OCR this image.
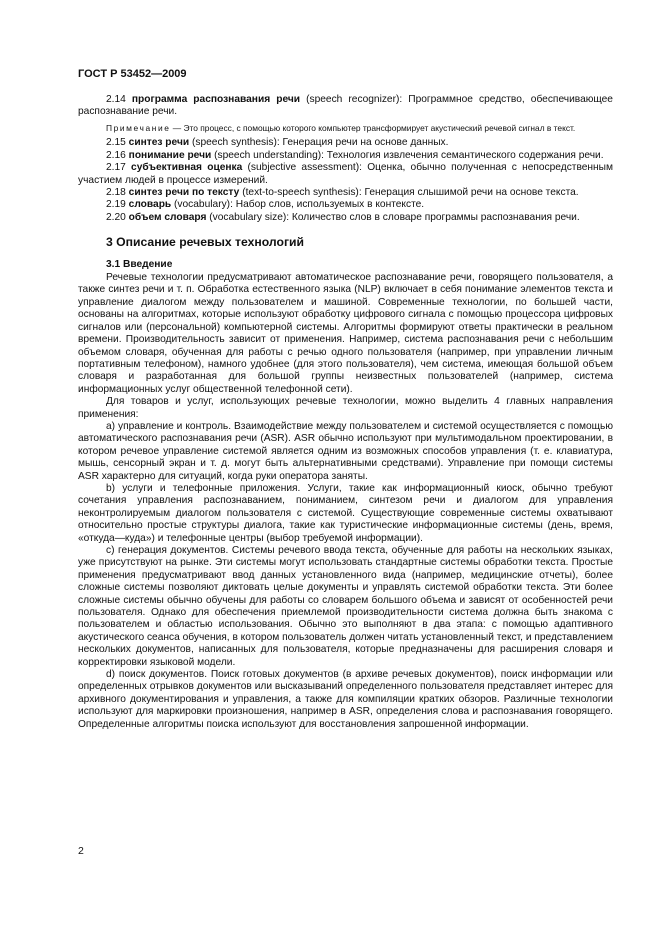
ГОСТ Р 53452—2009

2.14 программа распознавания речи (speech recognizer): Программное средство, обеспечивающее распознавание речи.

Примечание — Это процесс, с помощью которого компьютер трансформирует акустический речевой сигнал в текст.

2.15 синтез речи (speech synthesis): Генерация речи на основе данных.

2.16 понимание речи (speech understanding): Технология извлечения семантического содержания речи.

2.17 субъективная оценка (subjective assessment): Оценка, обычно полученная с непосредственным участием людей в процессе измерений.

2.18 синтез речи по тексту (text-to-speech synthesis): Генерация слышимой речи на основе текста.

2.19 словарь (vocabulary): Набор слов, используемых в контексте.

2.20 объем словаря (vocabulary size): Количество слов в словаре программы распознавания речи.

3 Описание речевых технологий
3.1 Введение

Речевые технологии предусматривают автоматическое распознавание речи, говорящего пользователя, а также синтез речи и т. п. Обработка естественного языка (NLP) включает в себя понимание элементов текста и управление диалогом между пользователем и машиной. Современные технологии, по большей части, основаны на алгоритмах, которые используют обработку цифрового сигнала с помощью процессора цифровых сигналов или (персональной) компьютерной системы. Алгоритмы формируют ответы практически в реальном времени. Производительность зависит от применения. Например, система распознавания речи с небольшим объемом словаря, обученная для работы с речью одного пользователя (например, при управлении личным портативным телефоном), намного удобнее (для этого пользователя), чем система, имеющая большой объем словаря и разработанная для большой группы неизвестных пользователей (например, система информационных услуг общественной телефонной сети).

Для товаров и услуг, использующих речевые технологии, можно выделить 4 главных направления применения:

a) управление и контроль. Взаимодействие между пользователем и системой осуществляется с помощью автоматического распознавания речи (ASR). ASR обычно используют при мультимодальном проектировании, в котором речевое управление системой является одним из возможных способов управления (т. е. клавиатура, мышь, сенсорный экран и т. д. могут быть альтернативными средствами). Управление при помощи системы ASR характерно для ситуаций, когда руки оператора заняты.

b) услуги и телефонные приложения. Услуги, такие как информационный киоск, обычно требуют сочетания управления распознаванием, пониманием, синтезом речи и диалогом для управления неконтролируемым диалогом пользователя с системой. Существующие современные системы охватывают относительно простые структуры диалога, такие как туристические информационные системы (день, время, «откуда—куда») и телефонные центры (выбор требуемой информации).

c) генерация документов. Системы речевого ввода текста, обученные для работы на нескольких языках, уже присутствуют на рынке. Эти системы могут использовать стандартные системы обработки текста. Простые применения предусматривают ввод данных установленного вида (например, медицинские отчеты), более сложные системы позволяют диктовать целые документы и управлять системой обработки текста. Эти более сложные системы обычно обучены для работы со словарем большого объема и зависят от особенностей речи пользователя. Однако для обеспечения приемлемой производительности система должна быть знакома с пользователем и областью использования. Обычно это выполняют в два этапа: с помощью адаптивного акустического сеанса обучения, в котором пользователь должен читать установленный текст, и представлением нескольких документов, написанных для пользователя, которые предназначены для расширения словаря и корректировки языковой модели.

d) поиск документов. Поиск готовых документов (в архиве речевых документов), поиск информации или определенных отрывков документов или высказываний определенного пользователя представляет интерес для архивного документирования и управления, а также для компиляции кратких обзоров. Различные технологии используют для маркировки произношения, например в ASR, определения слова и распознавания говорящего. Определенные алгоритмы поиска используют для восстановления запрошенной информации.

2
